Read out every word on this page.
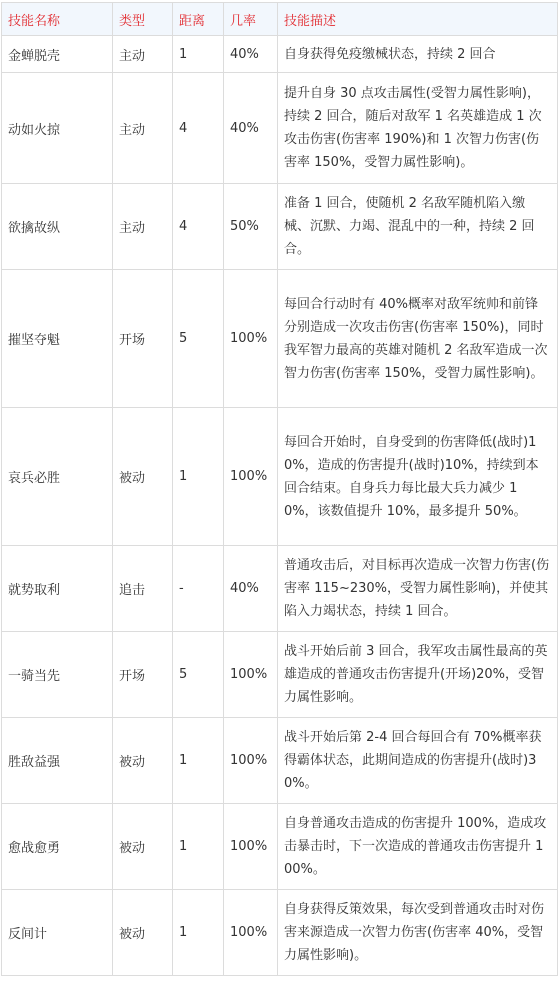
技能名称	类型	距离	几率	技能描述
金蝉脱壳	主动	1	40%	自身获得免疫缴械状态，持续 2 回合
动如火掠	主动	4	40%	提升自身 30 点攻击属性(受智力属性影响)，持续 2 回合，随后对敌军 1 名英雄造成 1 次攻击伤害(伤害率 190%)和 1 次智力伤害(伤害率 150%，受智力属性影响)。
欲擒故纵	主动	4	50%	准备 1 回合，使随机 2 名敌军随机陷入缴械、沉默、力竭、混乱中的一种，持续 2 回合。
摧坚夺魁	开场	5	100%	每回合行动时有 40%概率对敌军统帅和前锋分别造成一次攻击伤害(伤害率 150%)，同时我军智力最高的英雄对随机 2 名敌军造成一次智力伤害(伤害率 150%，受智力属性影响)。
哀兵必胜	被动	1	100%	每回合开始时，自身受到的伤害降低(战时)10%，造成的伤害提升(战时)10%，持续到本回合结束。自身兵力每比最大兵力减少 10%，该数值提升 10%，最多提升 50%。
就势取利	追击	-	40%	普通攻击后，对目标再次造成一次智力伤害(伤害率 115~230%，受智力属性影响)，并使其陷入力竭状态，持续 1 回合。
一骑当先	开场	5	100%	战斗开始后前 3 回合，我军攻击属性最高的英雄造成的普通攻击伤害提升(开场)20%，受智力属性影响。
胜敌益强	被动	1	100%	战斗开始后第 2-4 回合每回合有 70%概率获得霸体状态，此期间造成的伤害提升(战时)30%。
愈战愈勇	被动	1	100%	自身普通攻击造成的伤害提升 100%，造成攻击暴击时，下一次造成的普通攻击伤害提升 100%。
反间计	被动	1	100%	自身获得反策效果，每次受到普通攻击时对伤害来源造成一次智力伤害(伤害率 40%，受智力属性影响)。
